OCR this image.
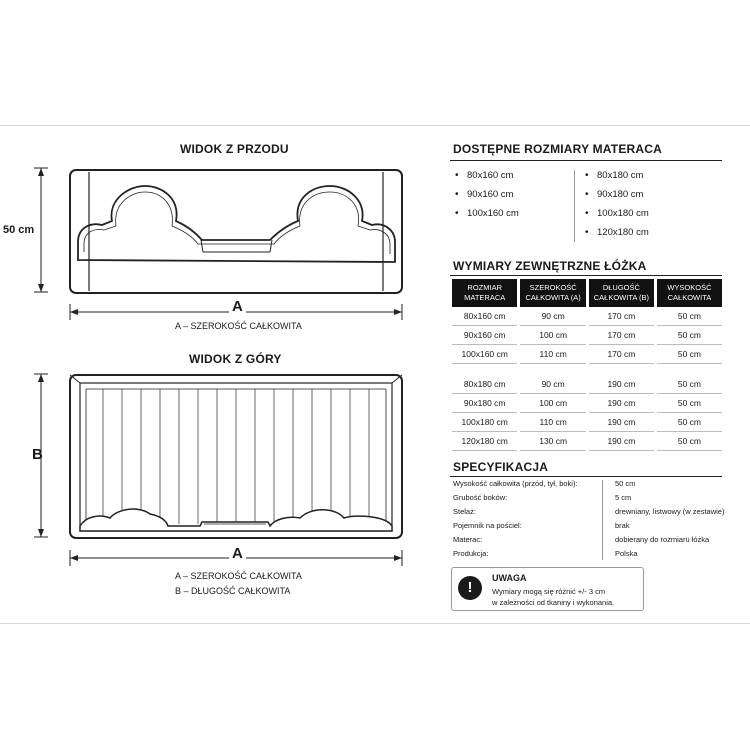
WIDOK Z PRZODU
50 cm
A
A – SZEROKOŚĆ CAŁKOWITA
WIDOK Z GÓRY
B
A
A – SZEROKOŚĆ CAŁKOWITA
B – DŁUGOŚĆ CAŁKOWITA
DOSTĘPNE ROZMIARY MATERACA
• 80x160 cm
• 90x160 cm
• 100x160 cm
• 80x180 cm
• 90x180 cm
• 100x180 cm
• 120x180 cm
WYMIARY ZEWNĘTRZNE ŁÓŻKA
ROZMIAR MATERACA	SZEROKOŚĆ CAŁKOWITA (A)	DŁUGOŚĆ CAŁKOWITA (B)	WYSOKOŚĆ CAŁKOWITA
80x160 cm	90 cm	170 cm	50 cm
90x160 cm	100 cm	170 cm	50 cm
100x160 cm	110 cm	170 cm	50 cm

80x180 cm	90 cm	190 cm	50 cm
90x180 cm	100 cm	190 cm	50 cm
100x180 cm	110 cm	190 cm	50 cm
120x180 cm	130 cm	190 cm	50 cm
SPECYFIKACJA
Wysokość całkowita (przód, tył, boki):	50 cm
Grubość boków:	5 cm
Stelaż:	drewniany, listwowy (w zestawie)
Pojemnik na pościel:	brak
Materac:	dobierany do rozmiaru łóżka
Produkcja:	Polska
!
UWAGA
Wymiary mogą się różnić +/- 3 cm
w zależności od tkaniny i wykonania.
